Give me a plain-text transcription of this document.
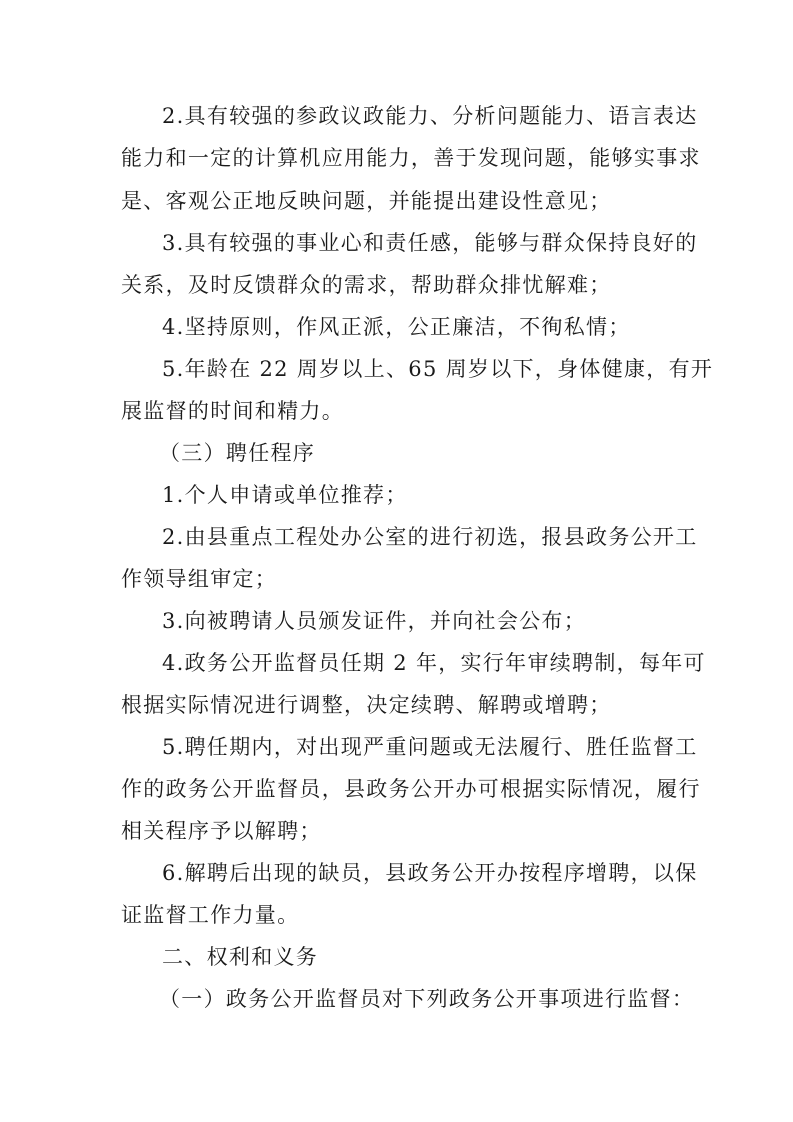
2.具有较强的参政议政能力、分析问题能力、语言表达
能力和一定的计算机应用能力，善于发现问题，能够实事求
是、客观公正地反映问题，并能提出建设性意见；
3.具有较强的事业心和责任感，能够与群众保持良好的
关系，及时反馈群众的需求，帮助群众排忧解难；
4.坚持原则，作风正派，公正廉洁，不徇私情；
5.年龄在 22 周岁以上、65 周岁以下，身体健康，有开
展监督的时间和精力。
（三）聘任程序
1.个人申请或单位推荐；
2.由县重点工程处办公室的进行初选，报县政务公开工
作领导组审定；
3.向被聘请人员颁发证件，并向社会公布；
4.政务公开监督员任期 2 年，实行年审续聘制，每年可
根据实际情况进行调整，决定续聘、解聘或增聘；
5.聘任期内，对出现严重问题或无法履行、胜任监督工
作的政务公开监督员，县政务公开办可根据实际情况，履行
相关程序予以解聘；
6.解聘后出现的缺员，县政务公开办按程序增聘，以保
证监督工作力量。
二、权利和义务
（一）政务公开监督员对下列政务公开事项进行监督：
